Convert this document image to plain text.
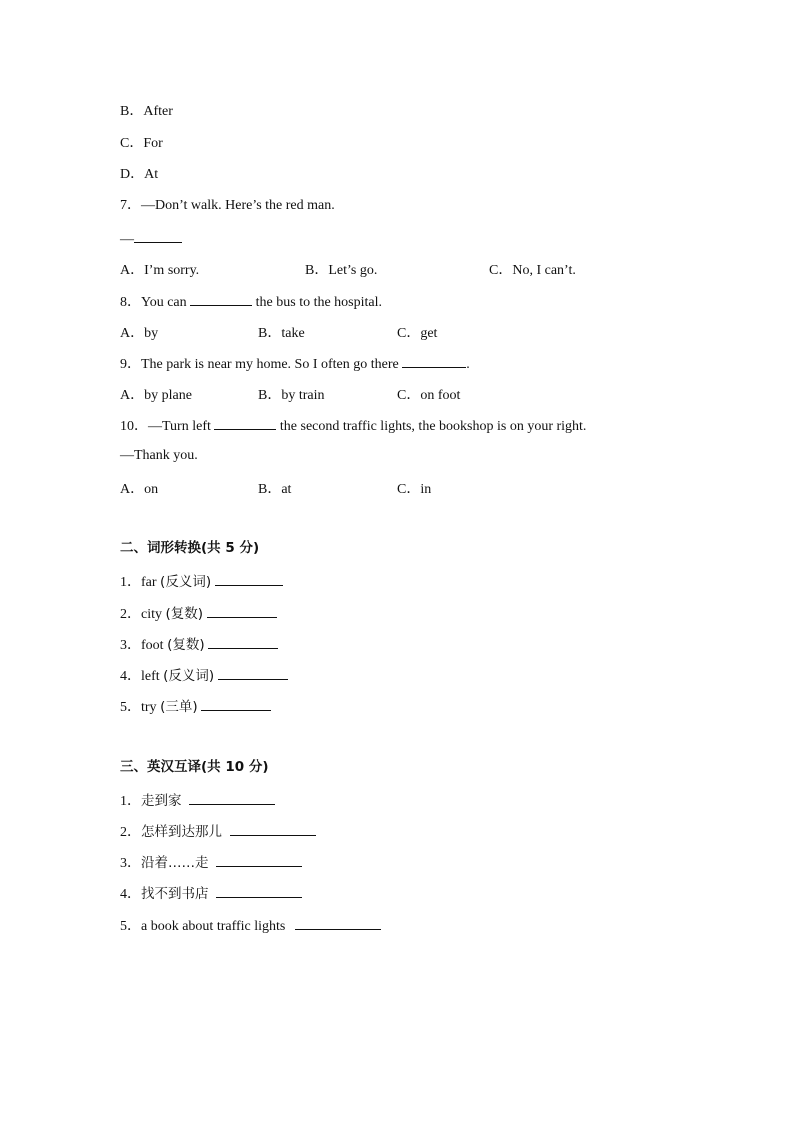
B．After
C．For
D．At
7．—Don’t walk. Here’s the red man.
—
A．I’m sorry.	B．Let’s go.	C．No, I can’t.
8．You can	the bus to the hospital.
A．by	B．take	C．get
9．The park is near my home. So I often go there	.
A．by plane	B．by train	C．on foot
10．—Turn left	the second traffic lights, the bookshop is on your right.
—Thank you.
A．on	B．at	C．in
二、词形转换(共 5 分)
1．far (反义词)
2．city (复数)
3．foot (复数)
4．left (反义词)
5．try (三单)
三、英汉互译(共 10 分)
1．走到家
2．怎样到达那儿
3．沿着……走
4．找不到书店
5．a book about traffic lights
